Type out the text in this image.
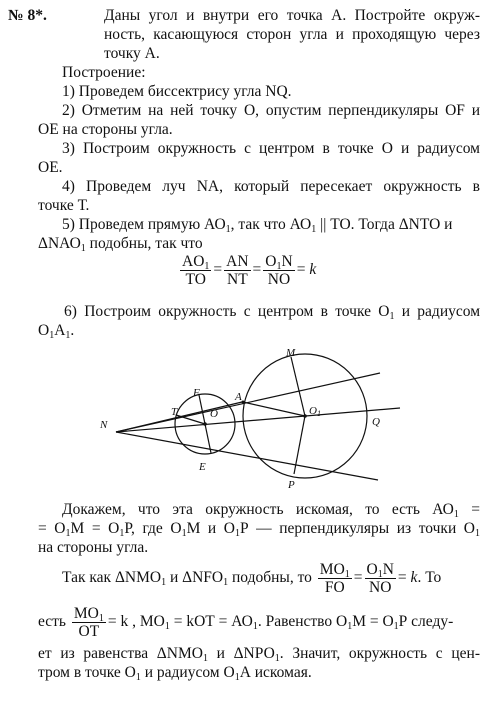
№ 8*.	Даны угол и внутри его точка А. Постройте окруж-
ность, касающуюся сторон угла и проходящую через
точку А.
Построение:
1) Проведем биссектрису угла NQ.
2) Отметим на ней точку О, опустим перпендикуляры OF и
OE на стороны угла.
3) Построим окружность с центром в точке О и радиусом
OE.
4) Проведем луч NA, который пересекает окружность в
точке Т.
5) Проведем прямую $АО_1$, так что $АО_1$ || ТО. Тогда ΔNТО и
$\Delta NАО_1$ подобны, так что
$\frac{AO_1}{TO} = \frac{AN}{NT} = \frac{O_1N}{NO} = k$
6) Построим окружность с центром в точке $О_1$ и радиусом
$О_1А_1$.
M
F
T	O
A
O1
Q
N
E
P
Докажем, что эта окружность искомая, то есть $АО_1$ =
= $О_1М = О_1Р$, где $О_1М$ и $О_1Р$ — перпендикуляры из точки $О_1$
на стороны угла.
Так как $\Delta NМО_1$ и $\Delta NFО_1$ подобны, то $\frac{MO_1}{FO} = \frac{O_1N}{NO} = k$. То
есть $\frac{MO_1}{OT} = k$ , $МО_1$ = kОТ = $АО_1$. Равенство $О_1М = О_1Р$ следу-
ет из равенства $\Delta NМО_1$ и $\Delta NРО_1$. Значит, окружность с цен-
тром в точке $О_1$ и радиусом $О_1А$ искомая.
